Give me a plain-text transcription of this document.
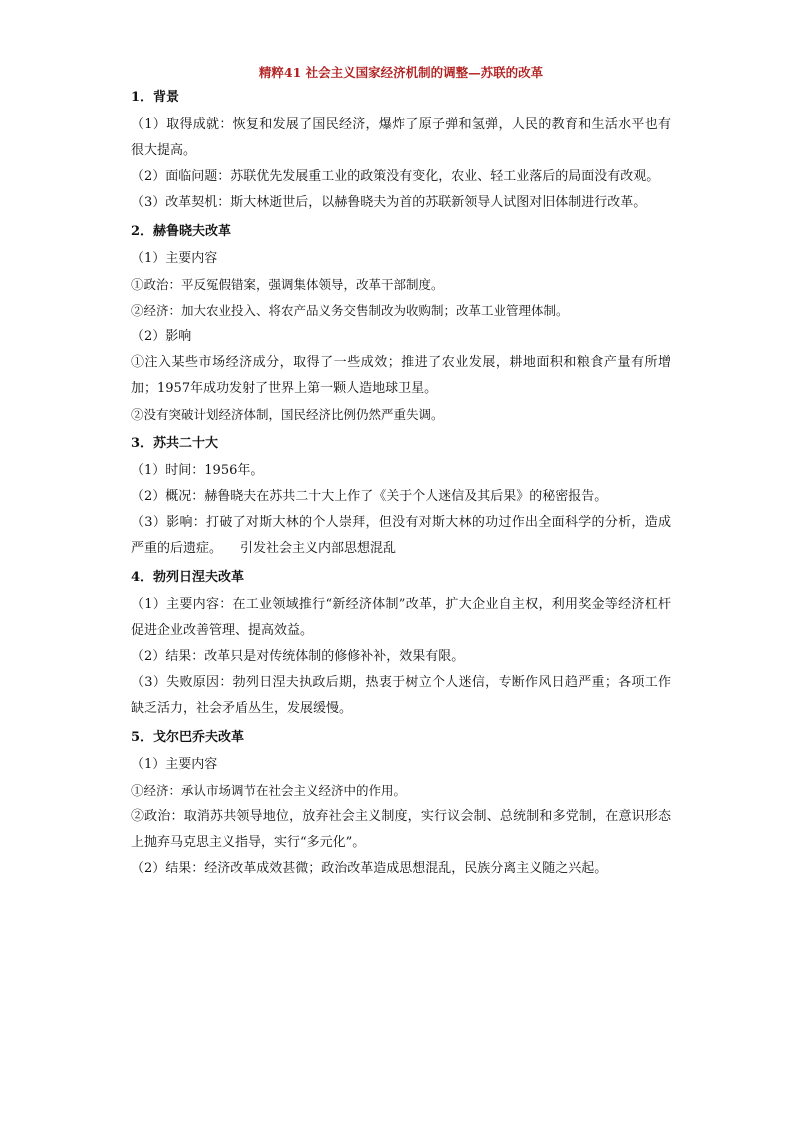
精粹41 社会主义国家经济机制的调整—苏联的改革
1．背景

（1）取得成就：恢复和发展了国民经济，爆炸了原子弹和氢弹，人民的教育和生活水平也有很大提高。

（2）面临问题：苏联优先发展重工业的政策没有变化，农业、轻工业落后的局面没有改观。

（3）改革契机：斯大林逝世后，以赫鲁晓夫为首的苏联新领导人试图对旧体制进行改革。

2．赫鲁晓夫改革

（1）主要内容

①政治：平反冤假错案，强调集体领导，改革干部制度。

②经济：加大农业投入、将农产品义务交售制改为收购制；改革工业管理体制。

（2）影响

①注入某些市场经济成分，取得了一些成效；推进了农业发展，耕地面积和粮食产量有所增加；1957年成功发射了世界上第一颗人造地球卫星。

②没有突破计划经济体制，国民经济比例仍然严重失调。

3．苏共二十大

（1）时间：1956年。

（2）概况：赫鲁晓夫在苏共二十大上作了《关于个人迷信及其后果》的秘密报告。

（3）影响：打破了对斯大林的个人崇拜，但没有对斯大林的功过作出全面科学的分析，造成严重的后遗症。 引发社会主义内部思想混乱

4．勃列日涅夫改革

（1）主要内容：在工业领域推行“新经济体制”改革，扩大企业自主权，利用奖金等经济杠杆促进企业改善管理、提高效益。

（2）结果：改革只是对传统体制的修修补补，效果有限。

（3）失败原因：勃列日涅夫执政后期，热衷于树立个人迷信，专断作风日趋严重；各项工作缺乏活力，社会矛盾丛生，发展缓慢。

5．戈尔巴乔夫改革

（1）主要内容

①经济：承认市场调节在社会主义经济中的作用。

②政治：取消苏共领导地位，放弃社会主义制度，实行议会制、总统制和多党制，在意识形态上抛弃马克思主义指导，实行“多元化”。

（2）结果：经济改革成效甚微；政治改革造成思想混乱，民族分离主义随之兴起。
